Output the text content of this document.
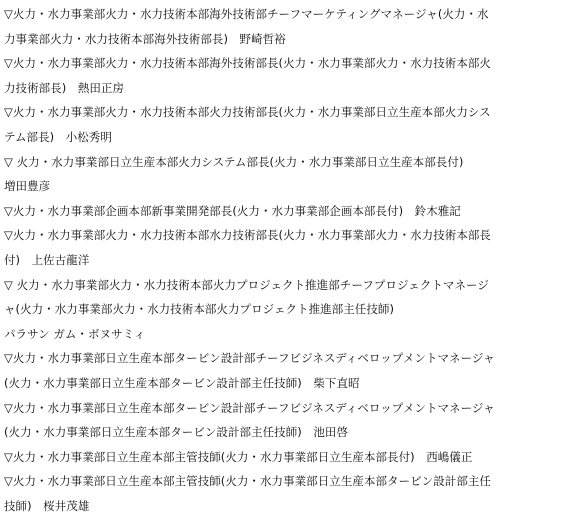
▽火力・水力事業部火力・水力技術本部海外技術部チーフマーケティングマネージャ(火力・水
力事業部火力・水力技術本部海外技術部長)　野崎哲裕
▽火力・水力事業部火力・水力技術本部海外技術部長(火力・水力事業部火力・水力技術本部火
力技術部長)　熱田正房
▽火力・水力事業部火力・水力技術本部火力技術部長(火力・水力事業部日立生産本部火力シス
テム部長)　小松秀明
▽ 火力・水力事業部日立生産本部火力システム部長(火力・水力事業部日立生産本部長付)
増田豊彦
▽火力・水力事業部企画本部新事業開発部長(火力・水力事業部企画本部長付)　鈴木雅記
▽火力・水力事業部火力・水力技術本部水力技術部長(火力・水力事業部火力・水力技術本部長
付)　上佐古龍洋
▽ 火力・水力事業部火力・水力技術本部火力プロジェクト推進部チーフプロジェクトマネージ
ャ(火力・水力事業部火力・水力技術本部火力プロジェクト推進部主任技師)
パラサン ガム・ボヌサミィ
▽火力・水力事業部日立生産本部タービン設計部チーフビジネスディベロップメントマネージャ
(火力・水力事業部日立生産本部タービン設計部主任技師)　柴下直昭
▽火力・水力事業部日立生産本部タービン設計部チーフビジネスディベロップメントマネージャ
(火力・水力事業部日立生産本部タービン設計部主任技師)　池田啓
▽火力・水力事業部日立生産本部主管技師(火力・水力事業部日立生産本部長付)　西嶋儀正
▽火力・水力事業部日立生産本部主管技師(火力・水力事業部日立生産本部タービン設計部主任
技師)　桜井茂雄
